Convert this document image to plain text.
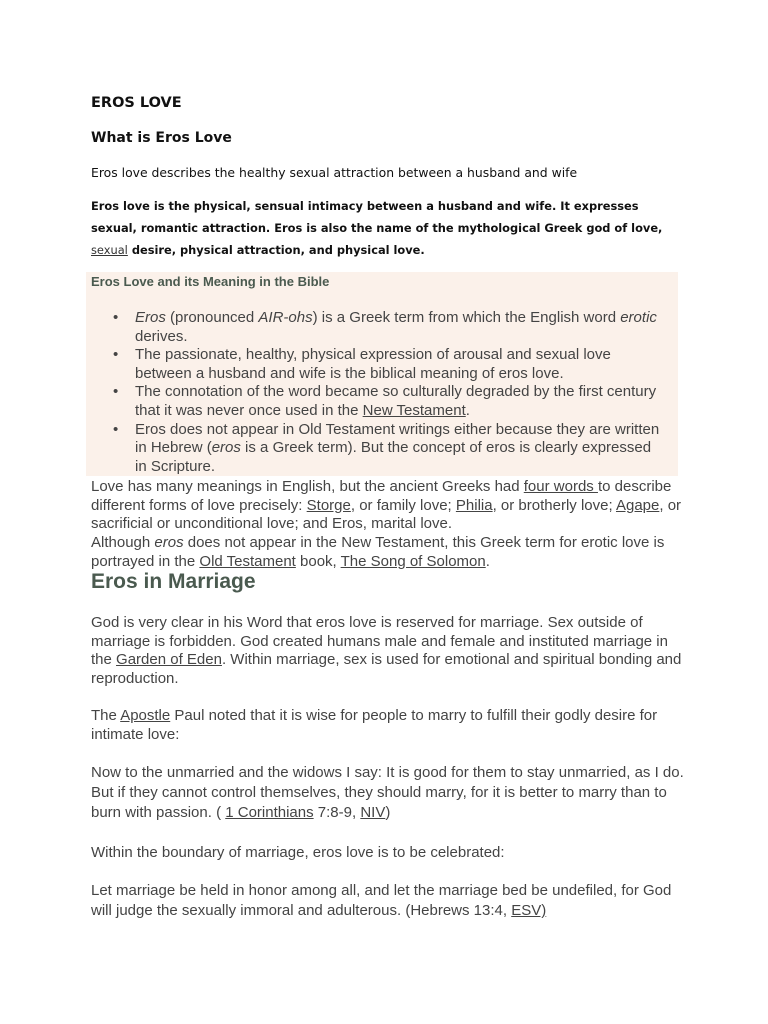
EROS LOVE
What is Eros Love
Eros love describes the healthy sexual attraction between a husband and wife

Eros love is the physical, sensual intimacy between a husband and wife. It expresses sexual, romantic attraction. Eros is also the name of the mythological Greek god of love, sexual desire, physical attraction, and physical love.

Eros Love and its Meaning in the Bible
• Eros (pronounced AIR-ohs) is a Greek term from which the English word erotic derives.
• The passionate, healthy, physical expression of arousal and sexual love between a husband and wife is the biblical meaning of eros love.
• The connotation of the word became so culturally degraded by the first century that it was never once used in the New Testament.
• Eros does not appear in Old Testament writings either because they are written in Hebrew (eros is a Greek term). But the concept of eros is clearly expressed in Scripture.

Love has many meanings in English, but the ancient Greeks had four words to describe different forms of love precisely: Storge, or family love; Philia, or brotherly love; Agape, or sacrificial or unconditional love; and Eros, marital love.

Although eros does not appear in the New Testament, this Greek term for erotic love is portrayed in the Old Testament book, The Song of Solomon.

Eros in Marriage

God is very clear in his Word that eros love is reserved for marriage. Sex outside of marriage is forbidden. God created humans male and female and instituted marriage in the Garden of Eden. Within marriage, sex is used for emotional and spiritual bonding and reproduction.

The Apostle Paul noted that it is wise for people to marry to fulfill their godly desire for intimate love:

Now to the unmarried and the widows I say: It is good for them to stay unmarried, as I do. But if they cannot control themselves, they should marry, for it is better to marry than to burn with passion. ( 1 Corinthians 7:8-9, NIV)

Within the boundary of marriage, eros love is to be celebrated:

Let marriage be held in honor among all, and let the marriage bed be undefiled, for God will judge the sexually immoral and adulterous. (Hebrews 13:4, ESV)
